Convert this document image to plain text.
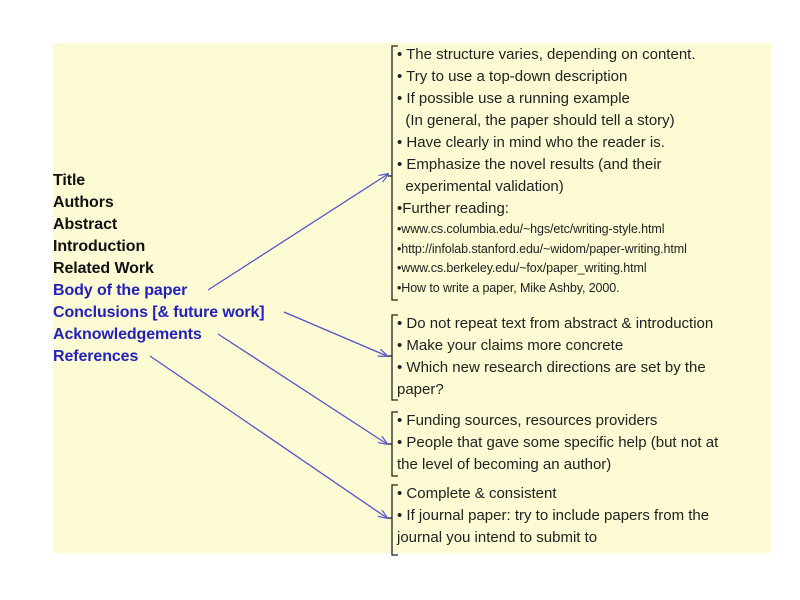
Title
Authors
Abstract
Introduction
Related Work
Body of the paper
Conclusions [& future work]
Acknowledgements
References
• The structure varies, depending on content.
• Try to use a top-down description
• If possible use a running example
(In general, the paper should tell a story)
• Have clearly in mind who the reader is.
• Emphasize the novel results (and their
experimental validation)
•Further reading:
•www.cs.columbia.edu/~hgs/etc/writing-style.html
•http://infolab.stanford.edu/~widom/paper-writing.html
•www.cs.berkeley.edu/~fox/paper_writing.html
•How to write a paper, Mike Ashby, 2000.
• Do not repeat text from abstract & introduction
• Make your claims more concrete
• Which new research directions are set by the
paper?
• Funding sources, resources providers
• People that gave some specific help (but not at
the level of becoming an author)
• Complete & consistent
• If journal paper: try to include papers from the
journal you intend to submit to
